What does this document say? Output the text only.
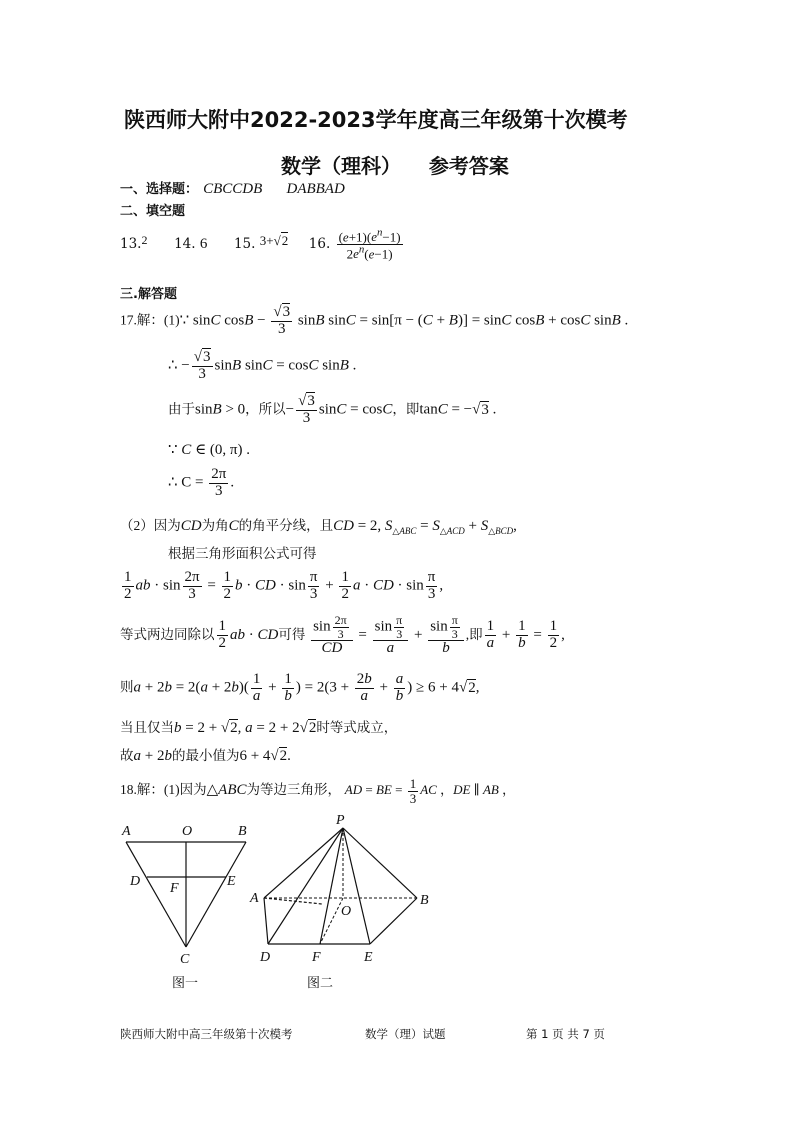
陕西师大附中2022-2023学年度高三年级第十次模考
数学（理科）    参考答案
一、选择题： CBCCDB DABBAD
二、填空题
13.2 14. 6 15. 3+√2 16. $\frac{(e+1)(e^n-1)}{2e^n(e-1)}$
三.解答题
17.解：(1)∵ sinC $\cos B - \frac{√3}{3}$ sinB sinC = sin[π − (C + B)] = sinC cosB + cosC sinB .
∴ − $\frac{√3}{3}$ sinB sinC = cosC sinB .
由于sinB > 0，所以− $\frac{√3}{3}$ sinC = cosC，即tanC = −√3 .
∵ C ∈ (0, π) .
∴ $C = \frac{2\pi}{3}$ .
（2）因为CD为角C的角平分线，且CD = 2, $S_{\triangle ABC} = S_{\triangle ACD} + S_{\triangle BCD}$,
根据三角形面积公式可得
$\frac{1}{2}$ ab · $\sin \frac{2\pi}{3} = \frac{1}{2}$ b · CD · $\sin \frac{\pi}{3} + \frac{1}{2}$ a · CD · $\sin \frac{\pi}{3}$ ,
等式两边同除以 $\frac{1}{2}$ ab · CD可得 $\frac{\sin \frac{2\pi}{3}}{CD} = \frac{\sin \frac{\pi}{3}}{a} + \frac{\sin \frac{\pi}{3}}{b}$ ,即 $\frac{1}{a} + \frac{1}{b} = \frac{1}{2}$ ,
则$a + 2b = 2(a + 2b)( \frac{1}{a} + \frac{1}{b}$ ) = $2(3 + \frac{2b}{a} + \frac{a}{b}$ ) ≥ 6 + 4√2,
当且仅当b = 2 + √2, a = 2 + 2√2时等式成立，
故a + 2b的最小值为6 + 4√2.
18.解：(1)因为△ABC为等边三角形， AD = BE = $\frac{1}{3}$ AC ，DE ∥ AB ，
A	O	B
D F	E
C
图一
P
A
O
B
D	F	E
图二
陕西师大附中高三年级第十次模考	数学（理）试题	第 1 页 共 7 页
